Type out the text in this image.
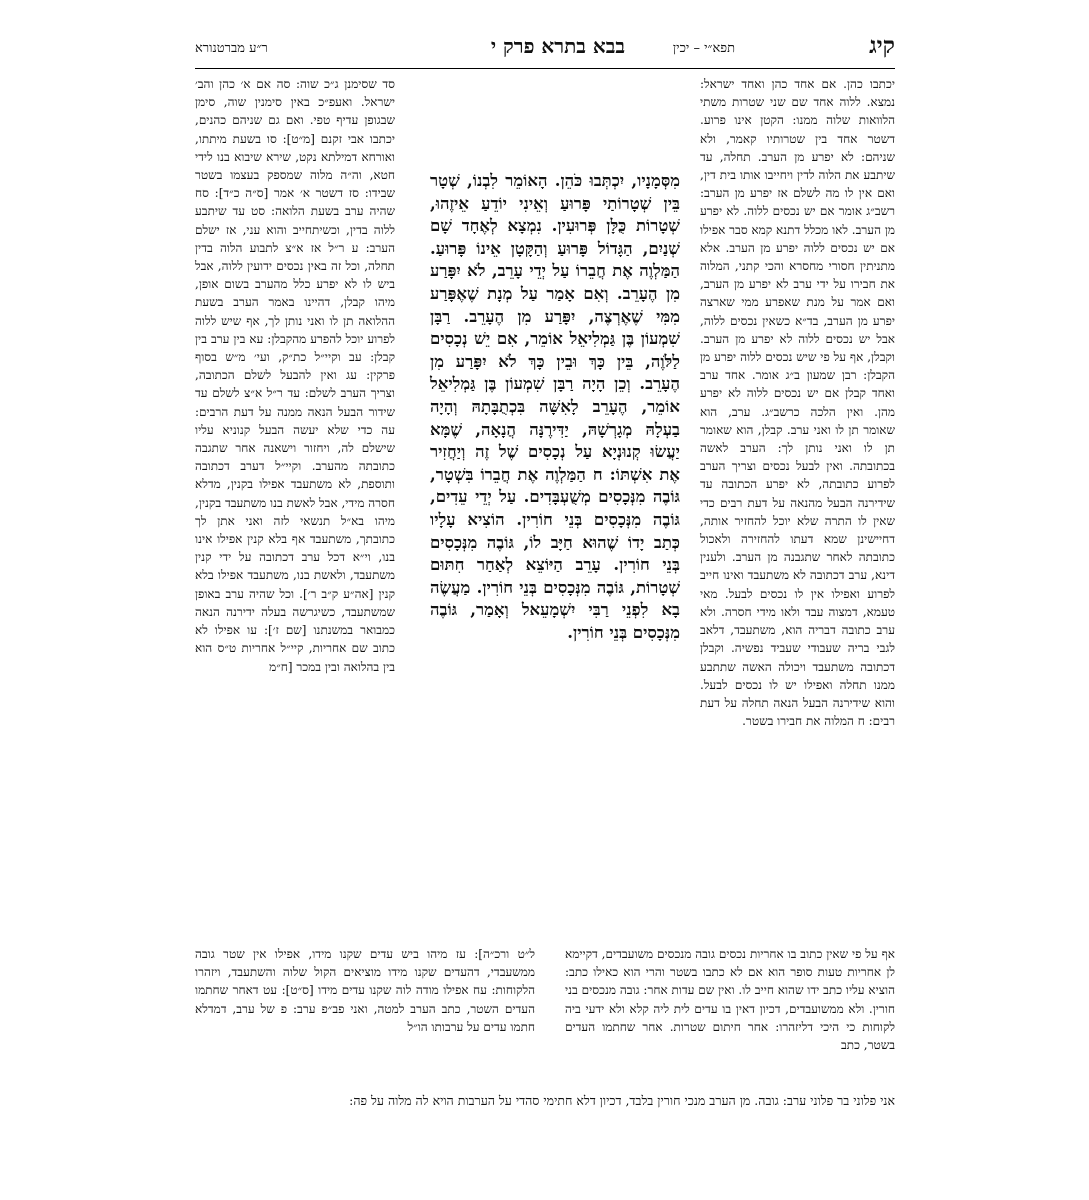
קיג
בבא בתרא פרק י	תפא״י – יכין
ר״ע מברטנורא

יכתבו כהן. אם אחד כהן ואחד ישראל: נמצא. ללוה אחד שם שני שטרות משתי הלוואות שלוה ממנו: הקטן אינו פרוע. דשטר אחד בין שטרותיו קאמר, ולא שניהם: לא יפרע מן הערב. תחלה, עד שיתבע את הלוה לדין ויחייבו אותו בית דין, ואם אין לו מה לשלם אז יפרע מן הערב: רשב״ג אומר אם יש נכסים ללוה. לא יפרע מן הערב. לאו מכלל דתנא קמא סבר אפילו אם יש נכסים ללוה יפרע מן הערב. אלא מתניתין חסורי מחסרא והכי קתני, המלוה את חבירו על ידי ערב לא יפרע מן הערב, ואם אמר על מנת שאפרע ממי שארצה יפרע מן הערב, בד״א כשאין נכסים ללוה, אבל יש נכסים ללוה לא יפרע מן הערב. וקבלן, אף על פי שיש נכסים ללוה יפרע מן הקבלן: רבן שמעון ב״ג אומר. אחד ערב ואחד קבלן אם יש נכסים ללוה לא יפרע מהן. ואין הלכה כרשב״ג. ערב, הוא שאומר תן לו ואני ערב. קבלן, הוא שאומר תן לו ואני נותן לך: הערב לאשה בכתובתה. ואין לבעל נכסים וצריך הערב לפרוע כתובתה, לא יפרע הכתובה עד שידירנה הבעל מהנאה על דעת רבים כדי שאין לו התרה שלא יוכל להחזיר אותה, דחיישינן שמא דעתו להחזירה ולאכול כתובתה לאחר שתגבנה מן הערב. ולענין דינא, ערב דכתובה לא משתעבד ואינו חייב לפרוע ואפילו אין לו נכסים לבעל. מאי טעמא, דמצוה עבד ולאו מידי חסרה. ולא ערב כתובה דבריה הוא, משתעבד, דלאב לגבי בריה שעבודי שעביד נפשיה. וקבלן דכתובה משתעבד ויכולה האשה שתתבע ממנו תחלה ואפילו יש לו נכסים לבעל. והוא שידירנה הבעל הנאה תחלה על דעת רבים: ח המלוה את חבירו בשטר.

מִסְּמָנָיו, יִכְתְּבוּ כֹּהֵן. הָאוֹמֵר לִבְנוֹ, שְׁטָר בֵּין שְׁטָרוֹתַי פָּרוּעַ וְאֵינִי יוֹדֵעַ אֵיזֶהוּ, שְׁטָרוֹת כֻּלָּן פְּרוּעִין. נִמְצָא לְאֶחָד שָׁם שְׁנַיִם, הַגָּדוֹל פָּרוּעַ וְהַקָּטָן אֵינוֹ פָּרוּעַ. הַמַּלְוֶה אֶת חֲבֵרוֹ עַל יְדֵי עָרֵב, לֹא יִפָּרַע מִן הֶעָרֵב. וְאִם אָמַר עַל מְנָת שֶׁאֶפָּרַע מִמִּי שֶׁאֶרְצֶה, יִפָּרַע מִן הֶעָרֵב. רַבָּן שִׁמְעוֹן בֶּן גַּמְלִיאֵל אוֹמֵר, אִם יֵשׁ נְכָסִים לַלֹּוֶה, בֵּין כָּךְ וּבֵין כָּךְ לֹא יִפָּרַע מִן הֶעָרֵב. וְכֵן הָיָה רַבָּן שִׁמְעוֹן בֶּן גַּמְלִיאֵל אוֹמֵר, הֶעָרֵב לָאִשָּׁה בִּכְתֻבָּתָהּ וְהָיָה בַעְלָהּ מְגָרְשָׁהּ, יַדִּירֶנָּה הֲנָאָה, שֶׁמָּא יַעֲשׂוּ קְנוּנְיָא עַל נְכָסִים שֶׁל זֶה וְיַחֲזִיר אֶת אִשְׁתּוֹ: ח הַמַּלְוֶה אֶת חֲבֵרוֹ בִּשְׁטָר, גּוֹבֶה מִנְּכָסִים מְשֻׁעְבָּדִים. עַל יְדֵי עֵדִים, גּוֹבֶה מִנְּכָסִים בְּנֵי חוֹרִין. הוֹצִיא עָלָיו כְּתַב יָדוֹ שֶׁהוּא חַיָּב לוֹ, גּוֹבֶה מִנְּכָסִים בְּנֵי חוֹרִין. עָרֵב הַיּוֹצֵא לְאַחַר חִתּוּם שְׁטָרוֹת, גּוֹבֶה מִנְּכָסִים בְּנֵי חוֹרִין. מַעֲשֶׂה בָא לִפְנֵי רַבִּי יִשְׁמָעֵאל וְאָמַר, גּוֹבֶה מִנְּכָסִים בְּנֵי חוֹרִין.

סד שסימנן ג״כ שוה: סה אם א׳ כהן והב׳ ישראל. ואעפ״כ באין סימנין שוה, סימן שבגופן עדיף טפי. ואם גם שניהם כהנים, יכתבו אבי זקנם [מ״ט]: סו בשעת מיתתו, ואורחא דמילתא נקט, שירא שיבוא בנו לידי חטא, וה״ה מלוה שמספק בעצמו בשטר שבידו: סז דשטר א׳ אמר [ס״ה כ״ד]: סח שהיה ערב בשעת הלואה: סט עד שיתבע ללוה בדין, וכשיתחייב והוא עני, אז ישלם הערב: ע ר״ל אז א״צ לתבוע הלוה בדין תחלה, וכל זה באין נכסים ידועין ללוה, אבל ביש לו לא יפרע כלל מהערב בשום אופן, מיהו קבלן, דהיינו באמר הערב בשעת ההלואה תן לו ואני נותן לך, אף שיש ללוה לפרוע יוכל להפרע מהקבלן: עא בין ערב בין קבלן: עב וקיי״ל כת״ק, ועי׳ מ״ש בסוף פרקין: עג ואין להבעל לשלם הכתובה, וצריך הערב לשלם: עד ר״ל א״צ לשלם עד שידור הבעל הנאה ממנה על דעת הרבים: עה כדי שלא יעשה הבעל קנוניא עליו שישלם לה, ויחזור וישאנה אחר שתגבה כתובתה מהערב. וקיי״ל דערב דכתובה ותוספת, לא משתעבד אפילו בקנין, מדלא חסרה מידי, אבל לאשת בנו משתעבד בקנין, מיהו בא״ל תנשאי לזה ואני אתן לך כתובתך, משתעבד אף בלא קנין אפילו אינו בנו, וי״א דכל ערב דכתובה על ידי קנין משתעבד, ולאשת בנו, משתעבד אפילו בלא קנין [אה״ע ק״ב ר׳]. וכל שהיה ערב באופן שמשתעבד, כשיגרשה בעלה ידירנה הנאה כמבואר במשנתנו [שם ז׳]: עו אפילו לא כתוב שם אחריות, קיי״ל אחריות ט״ס הוא בין בהלואה ובין במכר [ח״מ

אף על פי שאין כתוב בו אחריות נכסים גובה מנכסים משועבדים, דקיימא לן אחריות טעות סופר הוא אם לא כתבו בשטר והרי הוא כאילו כתב: הוציא עליו כתב ידו שהוא חייב לו. ואין שם עדות אחר: גובה מנכסים בני חורין. ולא ממשועבדים, דכיון דאין בו עדים לית ליה קלא ולא ידעי ביה לקוחות כי היכי דליזהרו: אחר חיתום שטרות. אחר שחתמו העדים בשטר, כתב

ל״ט ורכ״ה]: עז מיהו ביש עדים שקנו מידו, אפילו אין שטר גובה ממשעבדי, דהעדים שקנו מידו מוציאים הקול שלוה והשתעבד, ויזהרו הלקוחות: עח אפילו מודה לוה שקנו עדים מידו [ס״ט]: עט דאחר שחתמו העדים השטר, כתב הערב למטה, ואני פב״פ ערב: פ של ערב, דמדלא חתמו עדים על ערבותו הו״ל

אני פלוני בר פלוני ערב: גובה. מן הערב מנכי חורין בלבד, דכיון דלא חתימי סהדי על הערבות הויא לה מלוה על פה:
